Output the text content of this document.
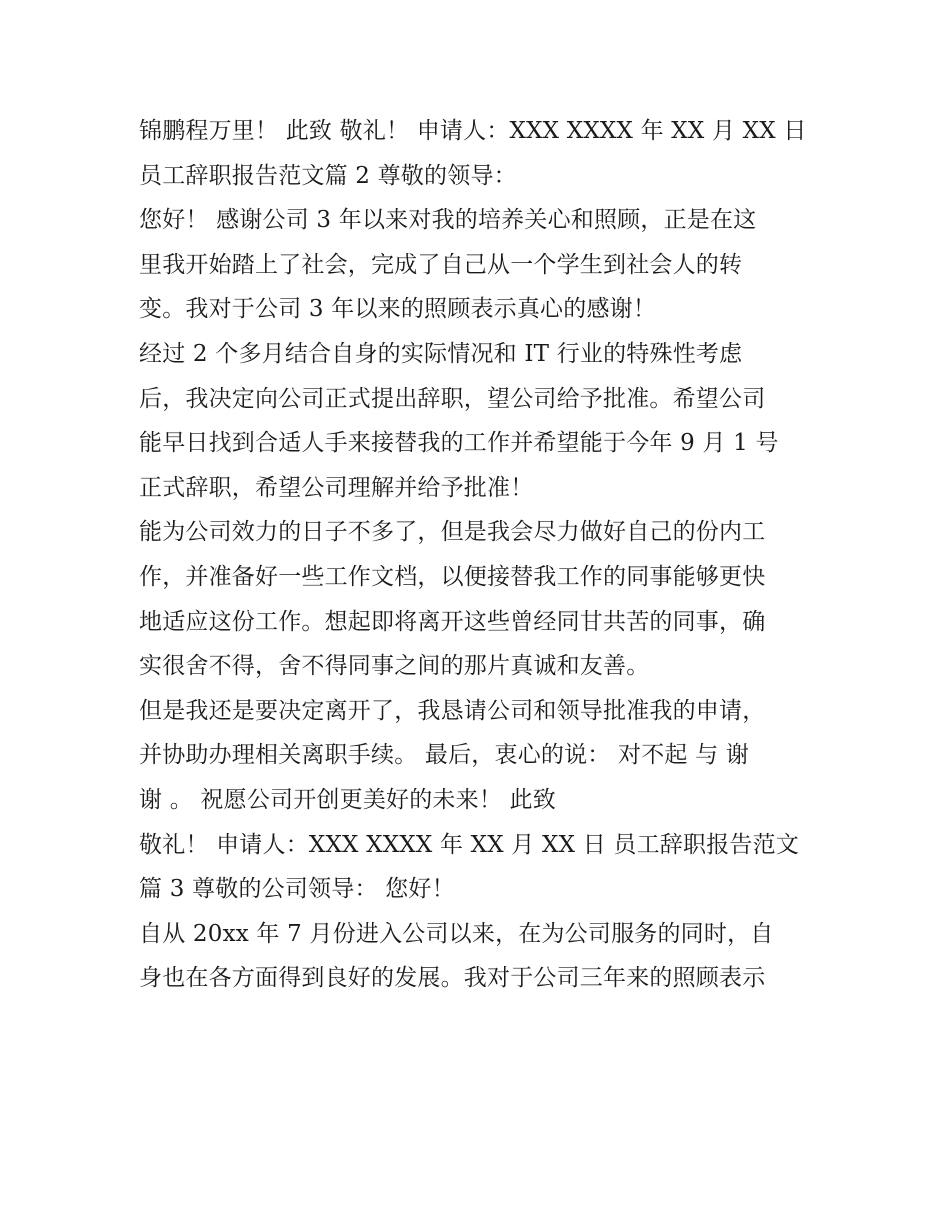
锦鹏程万里！ 此致 敬礼！ 申请人：XXX XXXX 年 XX 月 XX 日
员工辞职报告范文篇 2 尊敬的领导：
您好！ 感谢公司 3 年以来对我的培养关心和照顾，正是在这
里我开始踏上了社会，完成了自己从一个学生到社会人的转
变。我对于公司 3 年以来的照顾表示真心的感谢！
经过 2 个多月结合自身的实际情况和 IT 行业的特殊性考虑
后，我决定向公司正式提出辞职，望公司给予批准。希望公司
能早日找到合适人手来接替我的工作并希望能于今年 9 月 1 号
正式辞职，希望公司理解并给予批准！
能为公司效力的日子不多了，但是我会尽力做好自己的份内工
作，并准备好一些工作文档，以便接替我工作的同事能够更快
地适应这份工作。想起即将离开这些曾经同甘共苦的同事，确
实很舍不得，舍不得同事之间的那片真诚和友善。
但是我还是要决定离开了，我恳请公司和领导批准我的申请，
并协助办理相关离职手续。 最后，衷心的说： 对不起 与 谢
谢 。 祝愿公司开创更美好的未来！ 此致
敬礼！ 申请人：XXX XXXX 年 XX 月 XX 日 员工辞职报告范文
篇 3 尊敬的公司领导： 您好！
自从 20xx 年 7 月份进入公司以来，在为公司服务的同时，自
身也在各方面得到良好的发展。我对于公司三年来的照顾表示
